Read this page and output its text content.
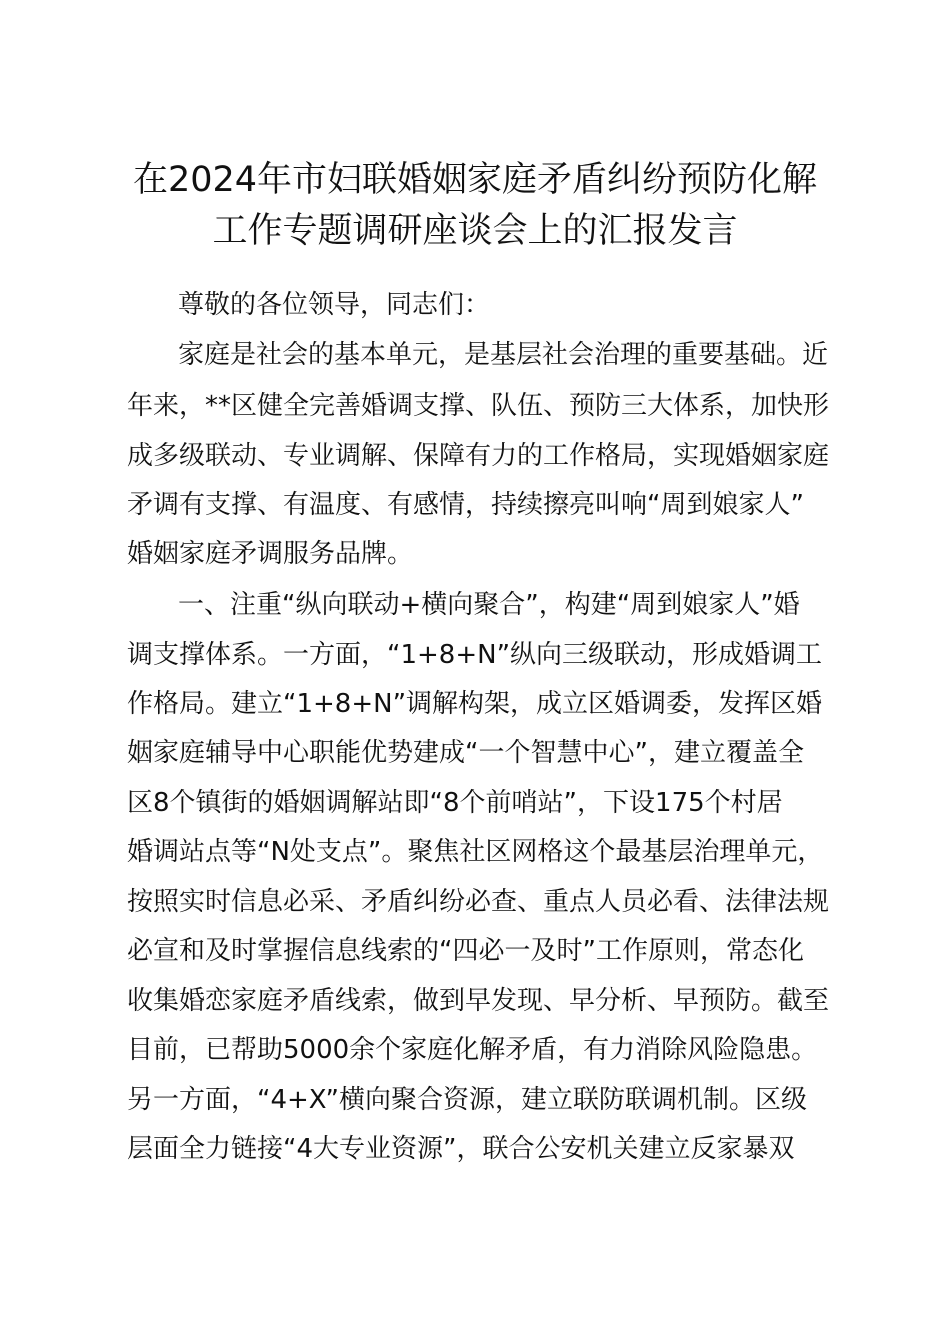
在2024年市妇联婚姻家庭矛盾纠纷预防化解
工作专题调研座谈会上的汇报发言
尊敬的各位领导，同志们：
家庭是社会的基本单元，是基层社会治理的重要基础。近
年来，**区健全完善婚调支撑、队伍、预防三大体系，加快形
成多级联动、专业调解、保障有力的工作格局，实现婚姻家庭
矛调有支撑、有温度、有感情，持续擦亮叫响“周到娘家人”
婚姻家庭矛调服务品牌。
一、注重“纵向联动+横向聚合”，构建“周到娘家人”婚
调支撑体系。一方面，“1+8+N”纵向三级联动，形成婚调工
作格局。建立“1+8+N”调解构架，成立区婚调委，发挥区婚
姻家庭辅导中心职能优势建成“一个智慧中心”，建立覆盖全
区8个镇街的婚姻调解站即“8个前哨站”，下设175个村居
婚调站点等“N处支点”。聚焦社区网格这个最基层治理单元，
按照实时信息必采、矛盾纠纷必查、重点人员必看、法律法规
必宣和及时掌握信息线索的“四必一及时”工作原则，常态化
收集婚恋家庭矛盾线索，做到早发现、早分析、早预防。截至
目前，已帮助5000余个家庭化解矛盾，有力消除风险隐患。
另一方面，“4+X”横向聚合资源，建立联防联调机制。区级
层面全力链接“4大专业资源”，联合公安机关建立反家暴双
